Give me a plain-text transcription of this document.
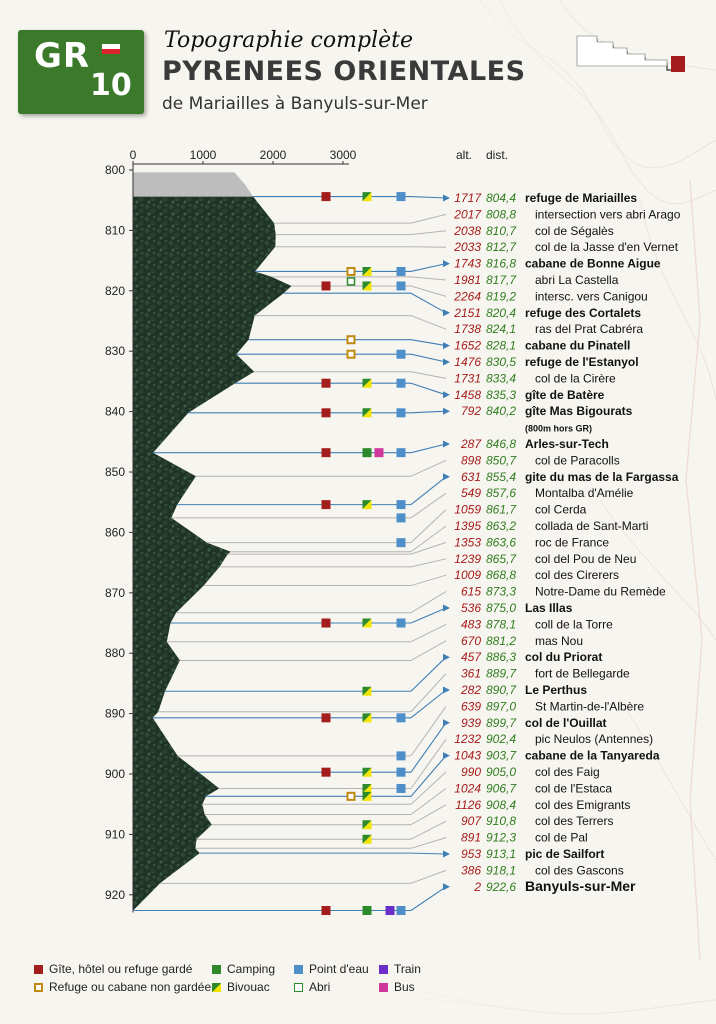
GR
10
Topographie complète
PYRENEES ORIENTALES
de Mariailles à Banyuls-sur-Mer
0	1000	2000	3000
800
810
820
830
840
850
860
870
880
890
900
910
920
alt. dist.
1717 804,4 refuge de Mariailles
2017 808,8 intersection vers abri Arago
2038 810,7 col de Ségalès
2033 812,7 col de la Jasse d'en Vernet
1743 816,8 cabane de Bonne Aigue
1981 817,7 abri La Castella
2264 819,2 intersc. vers Canigou
2151 820,4 refuge des Cortalets
1738 824,1 ras del Prat Cabréra
1652 828,1 cabane du Pinatell
1476 830,5 refuge de l'Estanyol
1731 833,4 col de la Cirère
1458 835,3 gîte de Batère
792 840,2 gîte Mas Bigourats
(800m hors GR)
287 846,8 Arles-sur-Tech
898 850,7 col de Paracolls
631 855,4 gite du mas de la Fargassa
549 857,6 Montalba d'Amélie
1059 861,7 col Cerda
1395 863,2 collada de Sant-Marti
1353 863,6 roc de France
1239 865,7 col del Pou de Neu
1009 868,8 col des Cirerers
615 873,3 Notre-Dame du Remède
536 875,0 Las Illas
483 878,1 coll de la Torre
670 881,2 mas Nou
457 886,3 col du Priorat
361 889,7 fort de Bellegarde
282 890,7 Le Perthus
639 897,0 St Martin-de-l'Albère
939 899,7 col de l'Ouillat
1232 902,4 pic Neulos (Antennes)
1043 903,7 cabane de la Tanyareda
990 905,0 col des Faig
1024 906,7 col de l'Estaca
1126 908,4 col des Emigrants
907 910,8 col des Terrers
891 912,3 col de Pal
953 913,1 pic de Sailfort
386 918,1 col des Gascons
2 922,6 Banyuls-sur-Mer
Gîte, hôtel ou refuge gardé
Refuge ou cabane non gardée
Camping
Bivouac
Point d'eau
Abri
Train
Bus
